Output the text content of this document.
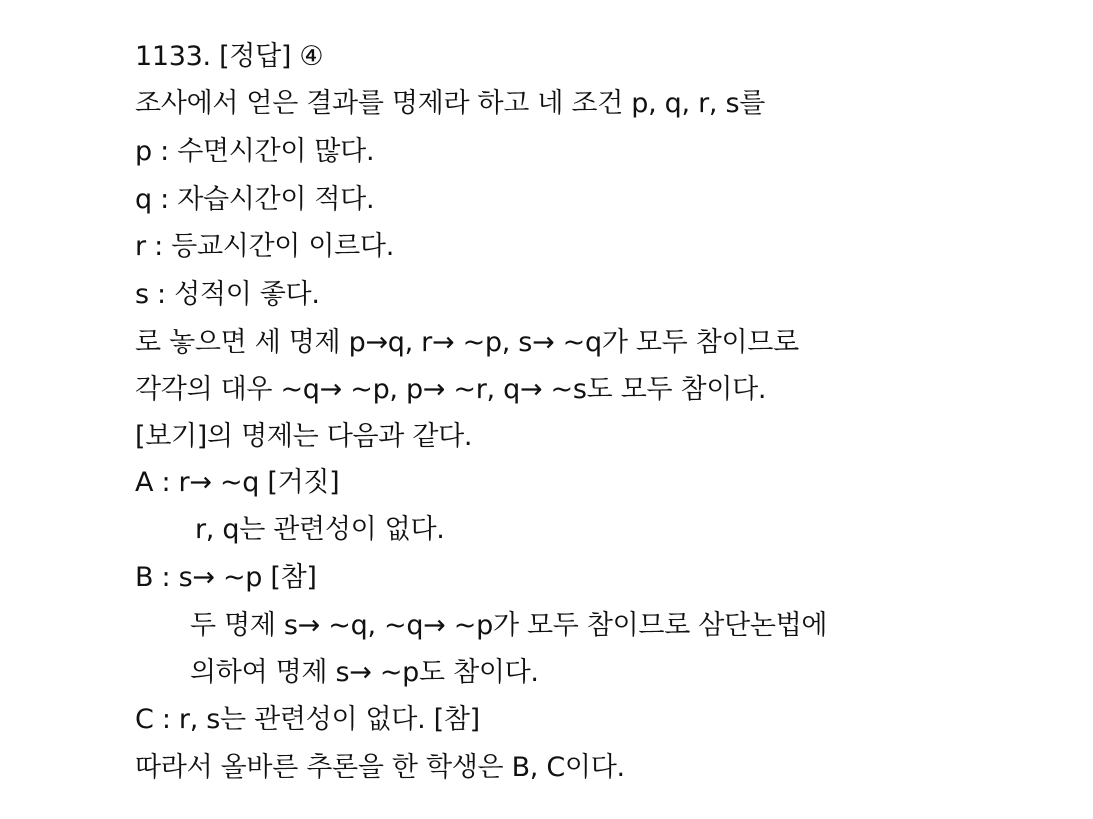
1133. [정답] ④
조사에서 얻은 결과를 명제라 하고 네 조건 p, q, r, s를
p : 수면시간이 많다.
q : 자습시간이 적다.
r : 등교시간이 이르다.
s : 성적이 좋다.
로 놓으면 세 명제 p→q, r→ ~p, s→ ~q가 모두 참이므로
각각의 대우 ~q→ ~p, p→ ~r, q→ ~s도 모두 참이다.
[보기]의 명제는 다음과 같다.
A : r→ ~q [거짓]
r, q는 관련성이 없다.
B : s→ ~p [참]
두 명제 s→ ~q, ~q→ ~p가 모두 참이므로 삼단논법에
의하여 명제 s→ ~p도 참이다.
C : r, s는 관련성이 없다. [참]
따라서 올바른 추론을 한 학생은 B, C이다.
